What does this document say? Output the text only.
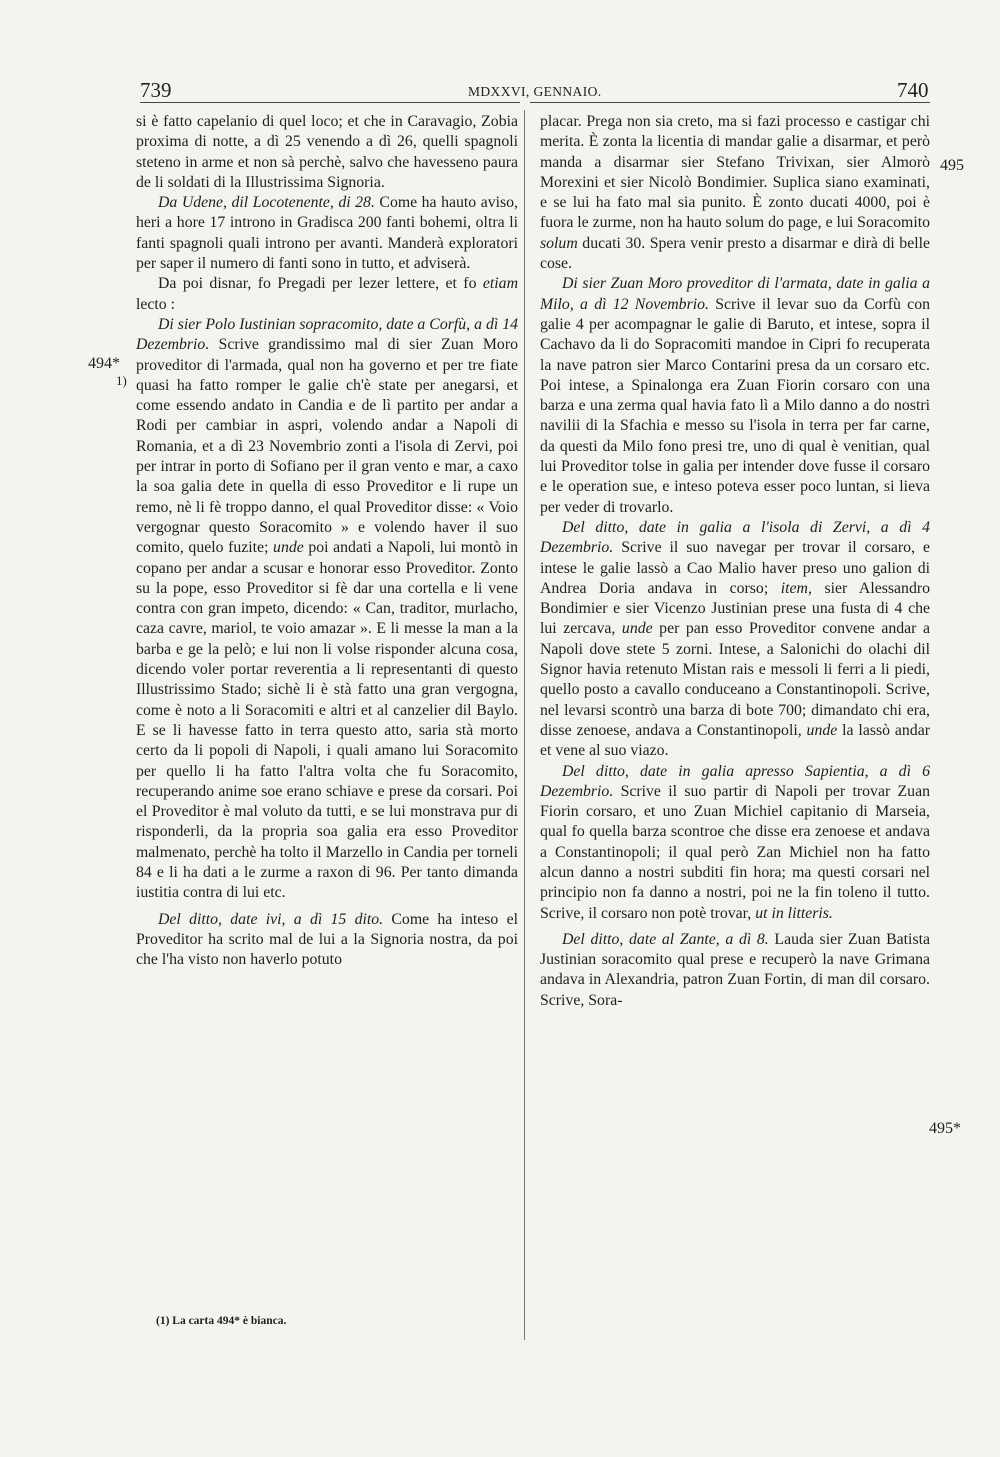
739	MDXXVI, GENNAIO.	740
494*
1)
495
495*

si è fatto capelanio di quel loco; et che in Caravagio, Zobia proxima di notte, a dì 25 venendo a dì 26, quelli spagnoli steteno in arme et non sà perchè, salvo che havesseno paura de li soldati di la Illustrissima Signoria.

Da Udene, dil Locotenente, di 28. Come ha hauto aviso, heri a hore 17 introno in Gradisca 200 fanti bohemi, oltra li fanti spagnoli quali introno per avanti. Manderà exploratori per saper il numero di fanti sono in tutto, et adviserà.

Da poi disnar, fo Pregadi per lezer lettere, et fo etiam lecto :

Di sier Polo Iustinian sopracomito, date a Corfù, a dì 14 Dezembrio. Scrive grandissimo mal di sier Zuan Moro proveditor di l'armada, qual non ha governo et per tre fiate quasi ha fatto romper le galie ch'è state per anegarsi, et come essendo andato in Candia e de lì partito per andar a Rodi per cambiar in aspri, volendo andar a Napoli di Romania, et a dì 23 Novembrio zonti a l'isola di Zervi, poi per intrar in porto di Sofiano per il gran vento e mar, a caxo la soa galia dete in quella di esso Proveditor e li rupe un remo, nè li fè troppo danno, el qual Proveditor disse: « Voio vergognar questo Soracomito » e volendo haver il suo comito, quelo fuzite; unde poi andati a Napoli, lui montò in copano per andar a scusar e honorar esso Proveditor. Zonto su la pope, esso Proveditor si fè dar una cortella e li vene contra con gran impeto, dicendo: « Can, traditor, murlacho, caza cavre, mariol, te voio amazar ». E li messe la man a la barba e ge la pelò; e lui non li volse risponder alcuna cosa, dicendo voler portar reverentia a li representanti di questo Illustrissimo Stado; sichè li è stà fatto una gran vergogna, come è noto a li Soracomiti e altri et al canzelier dil Baylo. E se li havesse fatto in terra questo atto, saria stà morto certo da li popoli di Napoli, i quali amano lui Soracomito per quello li ha fatto l'altra volta che fu Soracomito, recuperando anime soe erano schiave e prese da corsari. Poi el Proveditor è mal voluto da tutti, e se lui monstrava pur di risponderli, da la propria soa galia era esso Proveditor malmenato, perchè ha tolto il Marzello in Candia per torneli 84 e li ha dati a le zurme a raxon di 96. Per tanto dimanda iustitia contra di lui etc.

Del ditto, date ivi, a dì 15 dito. Come ha inteso el Proveditor ha scrito mal de lui a la Signoria nostra, da poi che l'ha visto non haverlo potuto

(1) La carta 494* è bianca.

placar. Prega non sia creto, ma si fazi processo e castigar chi merita. È zonta la licentia di mandar galie a disarmar, et però manda a disarmar sier Stefano Trivixan, sier Almorò Morexini et sier Nicolò Bondimier. Suplica siano examinati, e se lui ha fato mal sia punito. È zonto ducati 4000, poi è fuora le zurme, non ha hauto solum do page, e lui Soracomito solum ducati 30. Spera venir presto a disarmar e dirà di belle cose.

Di sier Zuan Moro proveditor di l'armata, date in galia a Milo, a dì 12 Novembrio. Scrive il levar suo da Corfù con galie 4 per acompagnar le galie di Baruto, et intese, sopra il Cachavo da li do Sopracomiti mandoe in Cipri fo recuperata la nave patron sier Marco Contarini presa da un corsaro etc. Poi intese, a Spinalonga era Zuan Fiorin corsaro con una barza e una zerma qual havia fato lì a Milo danno a do nostri navilii di la Sfachia e messo su l'isola in terra per far carne, da questi da Milo fono presi tre, uno di qual è venitian, qual lui Proveditor tolse in galia per intender dove fusse il corsaro e le operation sue, e inteso poteva esser poco luntan, si lieva per veder di trovarlo.

Del ditto, date in galia a l'isola di Zervi, a dì 4 Dezembrio. Scrive il suo navegar per trovar il corsaro, e intese le galie lassò a Cao Malio haver preso uno galion di Andrea Doria andava in corso; item, sier Alessandro Bondimier e sier Vicenzo Justinian prese una fusta di 4 che lui zercava, unde per pan esso Proveditor convene andar a Napoli dove stete 5 zorni. Intese, a Salonichi do olachi dil Signor havia retenuto Mistan rais e messoli li ferri a li piedi, quello posto a cavallo conduceano a Constantinopoli. Scrive, nel levarsi scontrò una barza di bote 700; dimandato chi era, disse zenoese, andava a Constantinopoli, unde la lassò andar et vene al suo viazo.

Del ditto, date in galia apresso Sapientia, a dì 6 Dezembrio. Scrive il suo partir di Napoli per trovar Zuan Fiorin corsaro, et uno Zuan Michiel capitanio di Marseia, qual fo quella barza scontroe che disse era zenoese et andava a Constantinopoli; il qual però Zan Michiel non ha fatto alcun danno a nostri subditi fin hora; ma questi corsari nel principio non fa danno a nostri, poi ne la fin toleno il tutto. Scrive, il corsaro non potè trovar, ut in litteris.

Del ditto, date al Zante, a dì 8. Lauda sier Zuan Batista Justinian soracomito qual prese e recuperò la nave Grimana andava in Alexandria, patron Zuan Fortin, di man dil corsaro. Scrive, Sora-
